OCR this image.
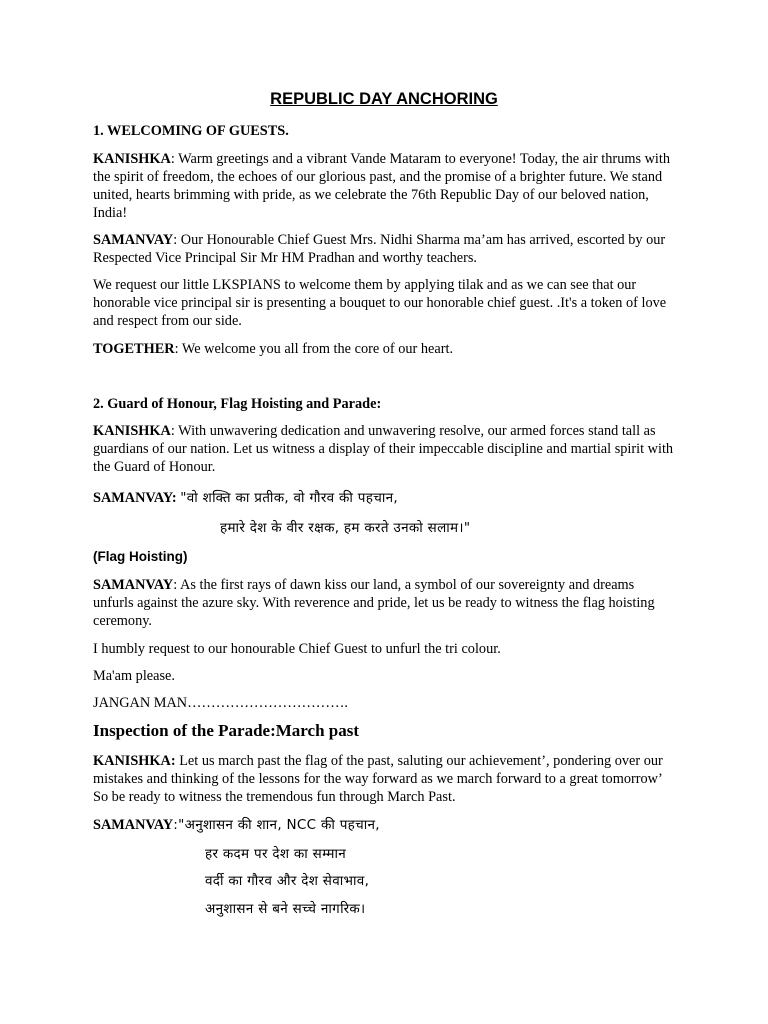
REPUBLIC DAY ANCHORING

1. WELCOMING OF GUESTS.

KANISHKA: Warm greetings and a vibrant Vande Mataram to everyone! Today, the air thrums with the spirit of freedom, the echoes of our glorious past, and the promise of a brighter future. We stand united, hearts brimming with pride, as we celebrate the 76th Republic Day of our beloved nation, India!

SAMANVAY: Our Honourable Chief Guest Mrs. Nidhi Sharma ma’am has arrived, escorted by our Respected Vice Principal Sir Mr HM Pradhan and worthy teachers.

We request our little LKSPIANS to welcome them by applying tilak and as we can see that our honorable vice principal sir is presenting a bouquet to our honorable chief guest. .It's a token of love and respect from our side.

TOGETHER: We welcome you all from the core of our heart.

2. Guard of Honour, Flag Hoisting and Parade:

KANISHKA: With unwavering dedication and unwavering resolve, our armed forces stand tall as guardians of our nation. Let us witness a display of their impeccable discipline and martial spirit with the Guard of Honour.

SAMANVAY: "वो शक्ति का प्रतीक, वो गौरव की पहचान,

हमारे देश के वीर रक्षक, हम करते उनको सलाम।"

(Flag Hoisting)

SAMANVAY: As the first rays of dawn kiss our land, a symbol of our sovereignty and dreams unfurls against the azure sky. With reverence and pride, let us be ready to witness the flag hoisting ceremony.

I humbly request to our honourable Chief Guest to unfurl the tri colour.

Ma'am please.

JANGAN MAN…………………………….

Inspection of the Parade:March past

KANISHKA: Let us march past the flag of the past, saluting our achievement’, pondering over our mistakes and thinking of the lessons for the way forward as we march forward to a great tomorrow’ So be ready to witness the tremendous fun through March Past.

SAMANVAY:"अनुशासन की शान, NCC की पहचान,

हर कदम पर देश का सम्मान

वर्दी का गौरव और देश सेवाभाव,

अनुशासन से बने सच्चे नागरिक।
